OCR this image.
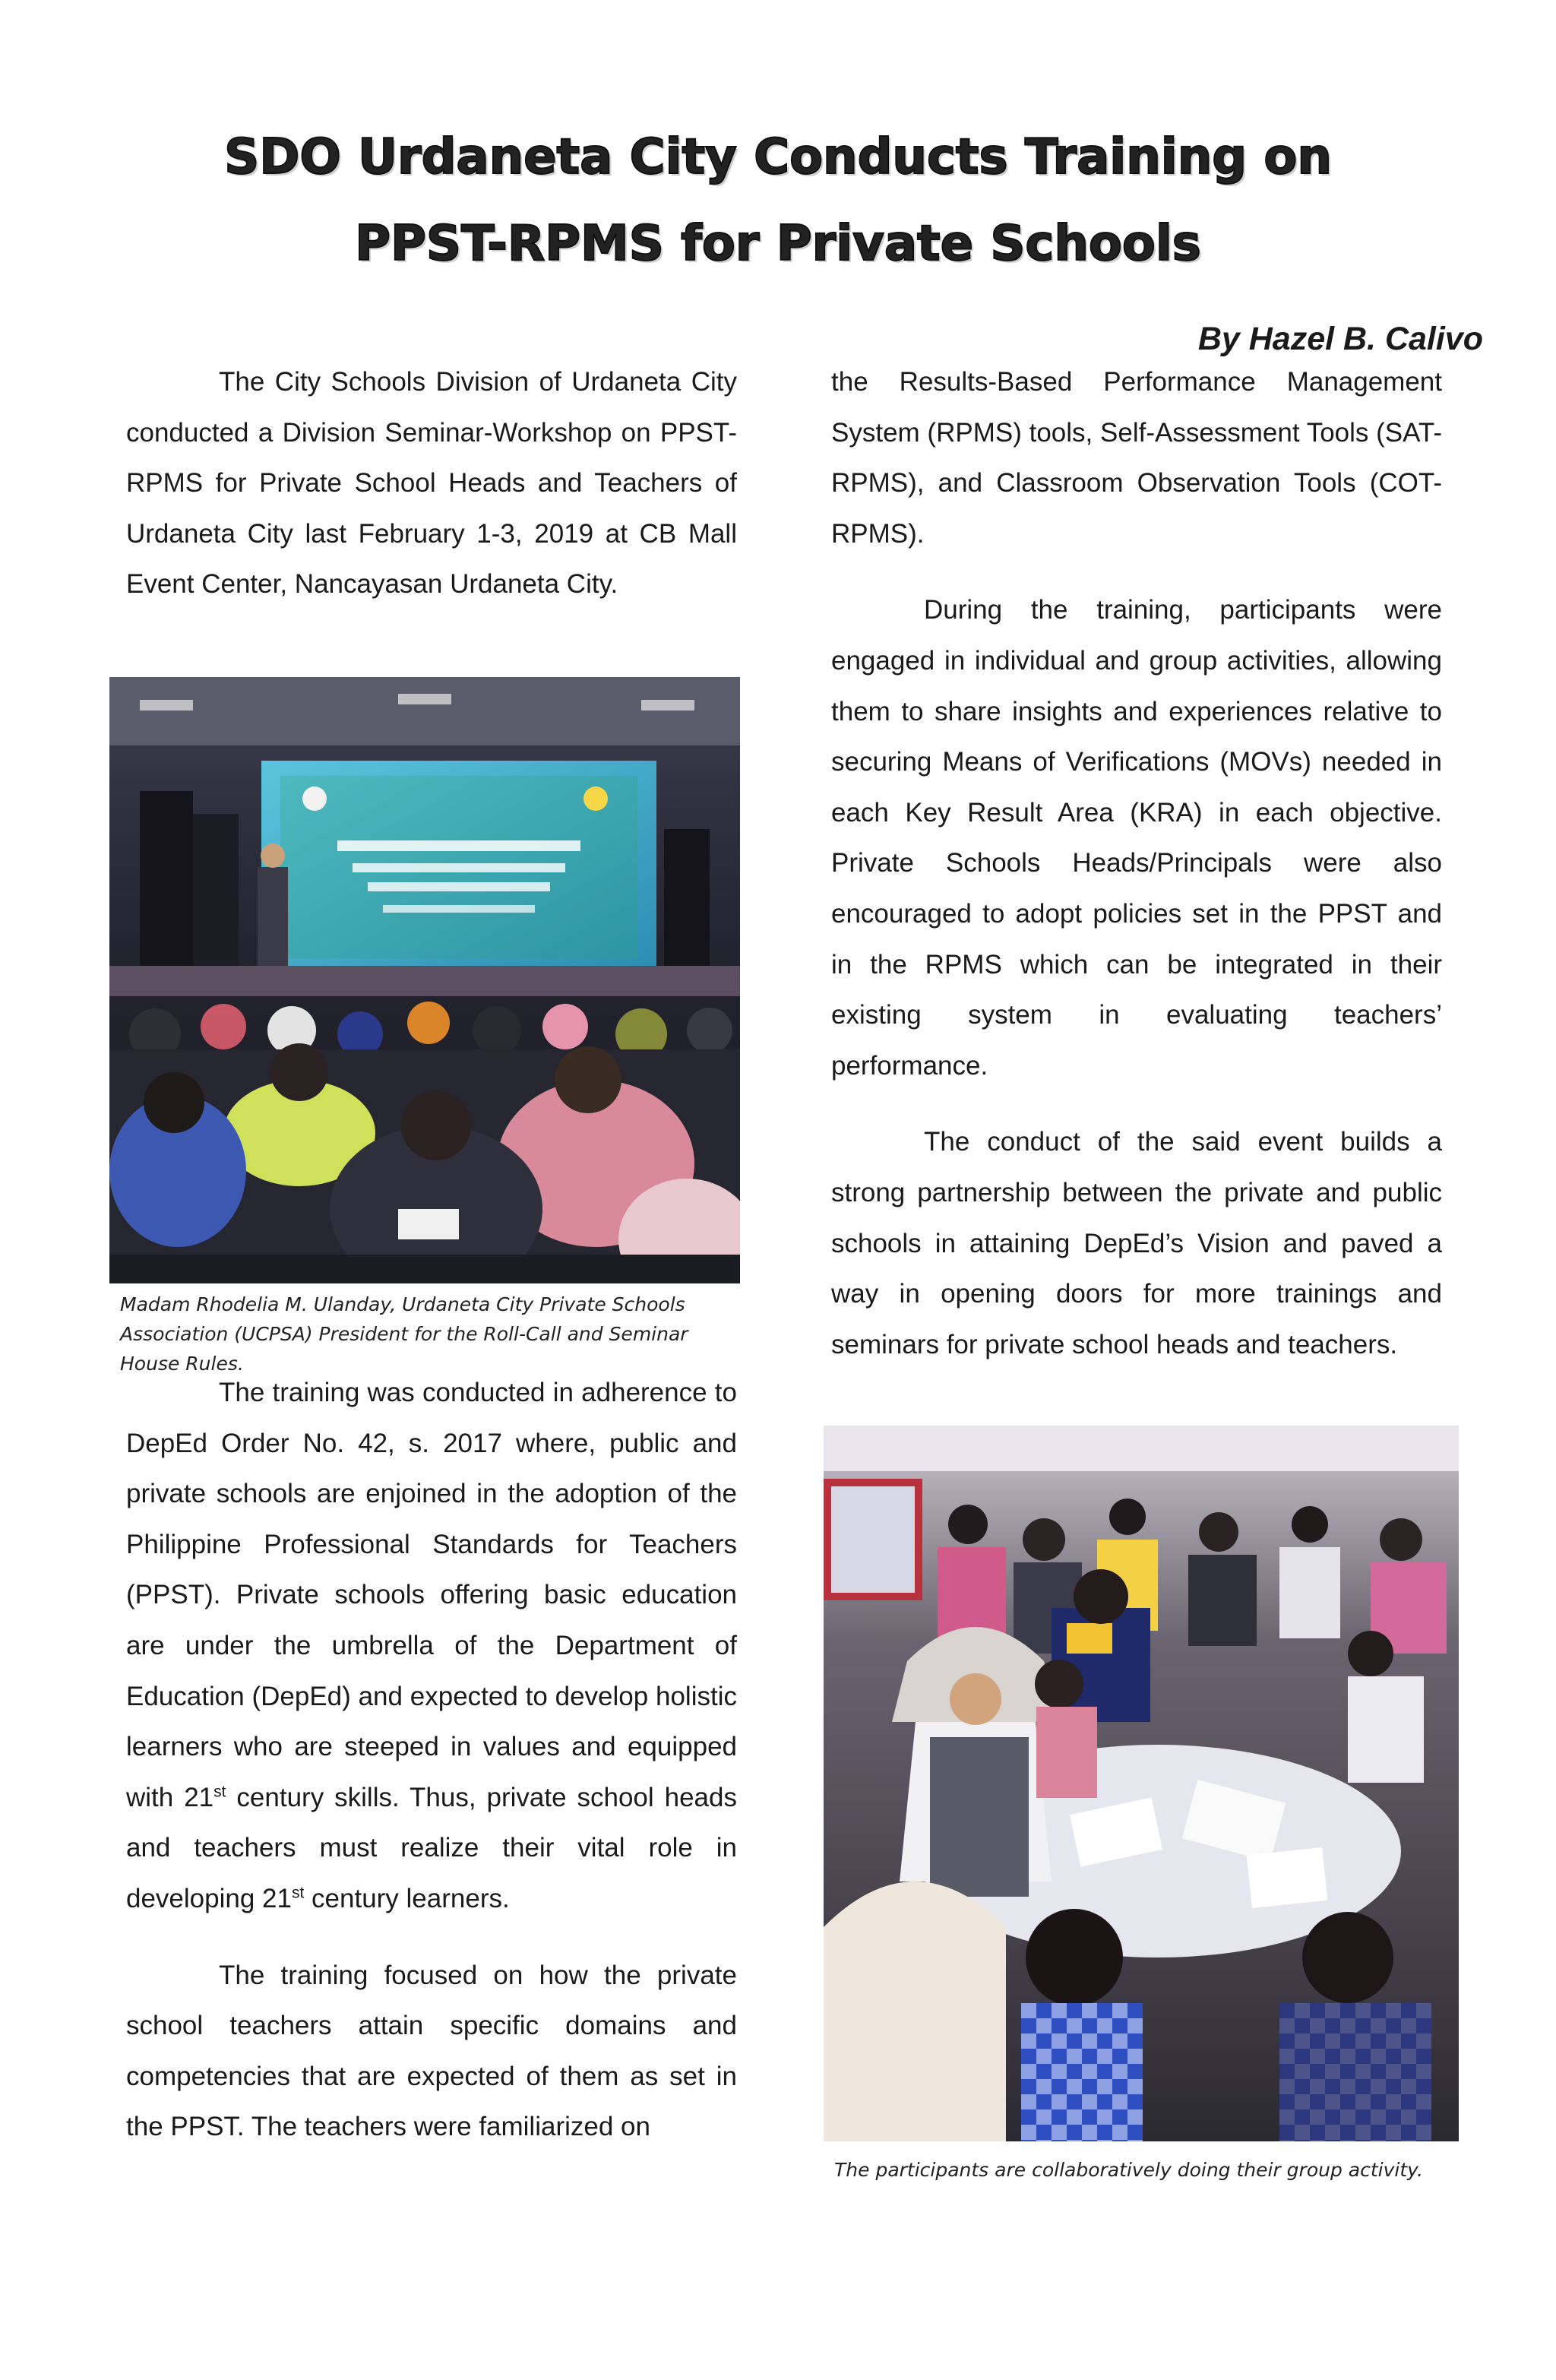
SDO Urdaneta City Conducts Training on
PPST-RPMS for Private Schools
By Hazel B. Calivo

The City Schools Division of Urdaneta City conducted a Division Seminar-Workshop on PPST-RPMS for Private School Heads and Teachers of Urdaneta City last February 1-3, 2019 at CB Mall Event Center, Nancayasan Urdaneta City.

Madam Rhodelia M. Ulanday, Urdaneta City Private Schools Association (UCPSA) President for the Roll-Call and Seminar House Rules.

The training was conducted in adherence to DepEd Order No. 42, s. 2017 where, public and private schools are enjoined in the adoption of the Philippine Professional Standards for Teachers (PPST). Private schools offering basic education are under the umbrella of the Department of Education (DepEd) and expected to develop holistic learners who are steeped in values and equipped with 21st century skills. Thus, private school heads and teachers must realize their vital role in developing 21st century learners.

The training focused on how the private school teachers attain specific domains and competencies that are expected of them as set in the PPST. The teachers were familiarized on

the Results-Based Performance Management System (RPMS) tools, Self-Assessment Tools (SAT-RPMS), and Classroom Observation Tools (COT-RPMS).

During the training, participants were engaged in individual and group activities, allowing them to share insights and experiences relative to securing Means of Verifications (MOVs) needed in each Key Result Area (KRA) in each objective. Private Schools Heads/Principals were also encouraged to adopt policies set in the PPST and in the RPMS which can be integrated in their existing system in evaluating teachers’ performance.

The conduct of the said event builds a strong partnership between the private and public schools in attaining DepEd’s Vision and paved a way in opening doors for more trainings and seminars for private school heads and teachers.

The participants are collaboratively doing their group activity.
